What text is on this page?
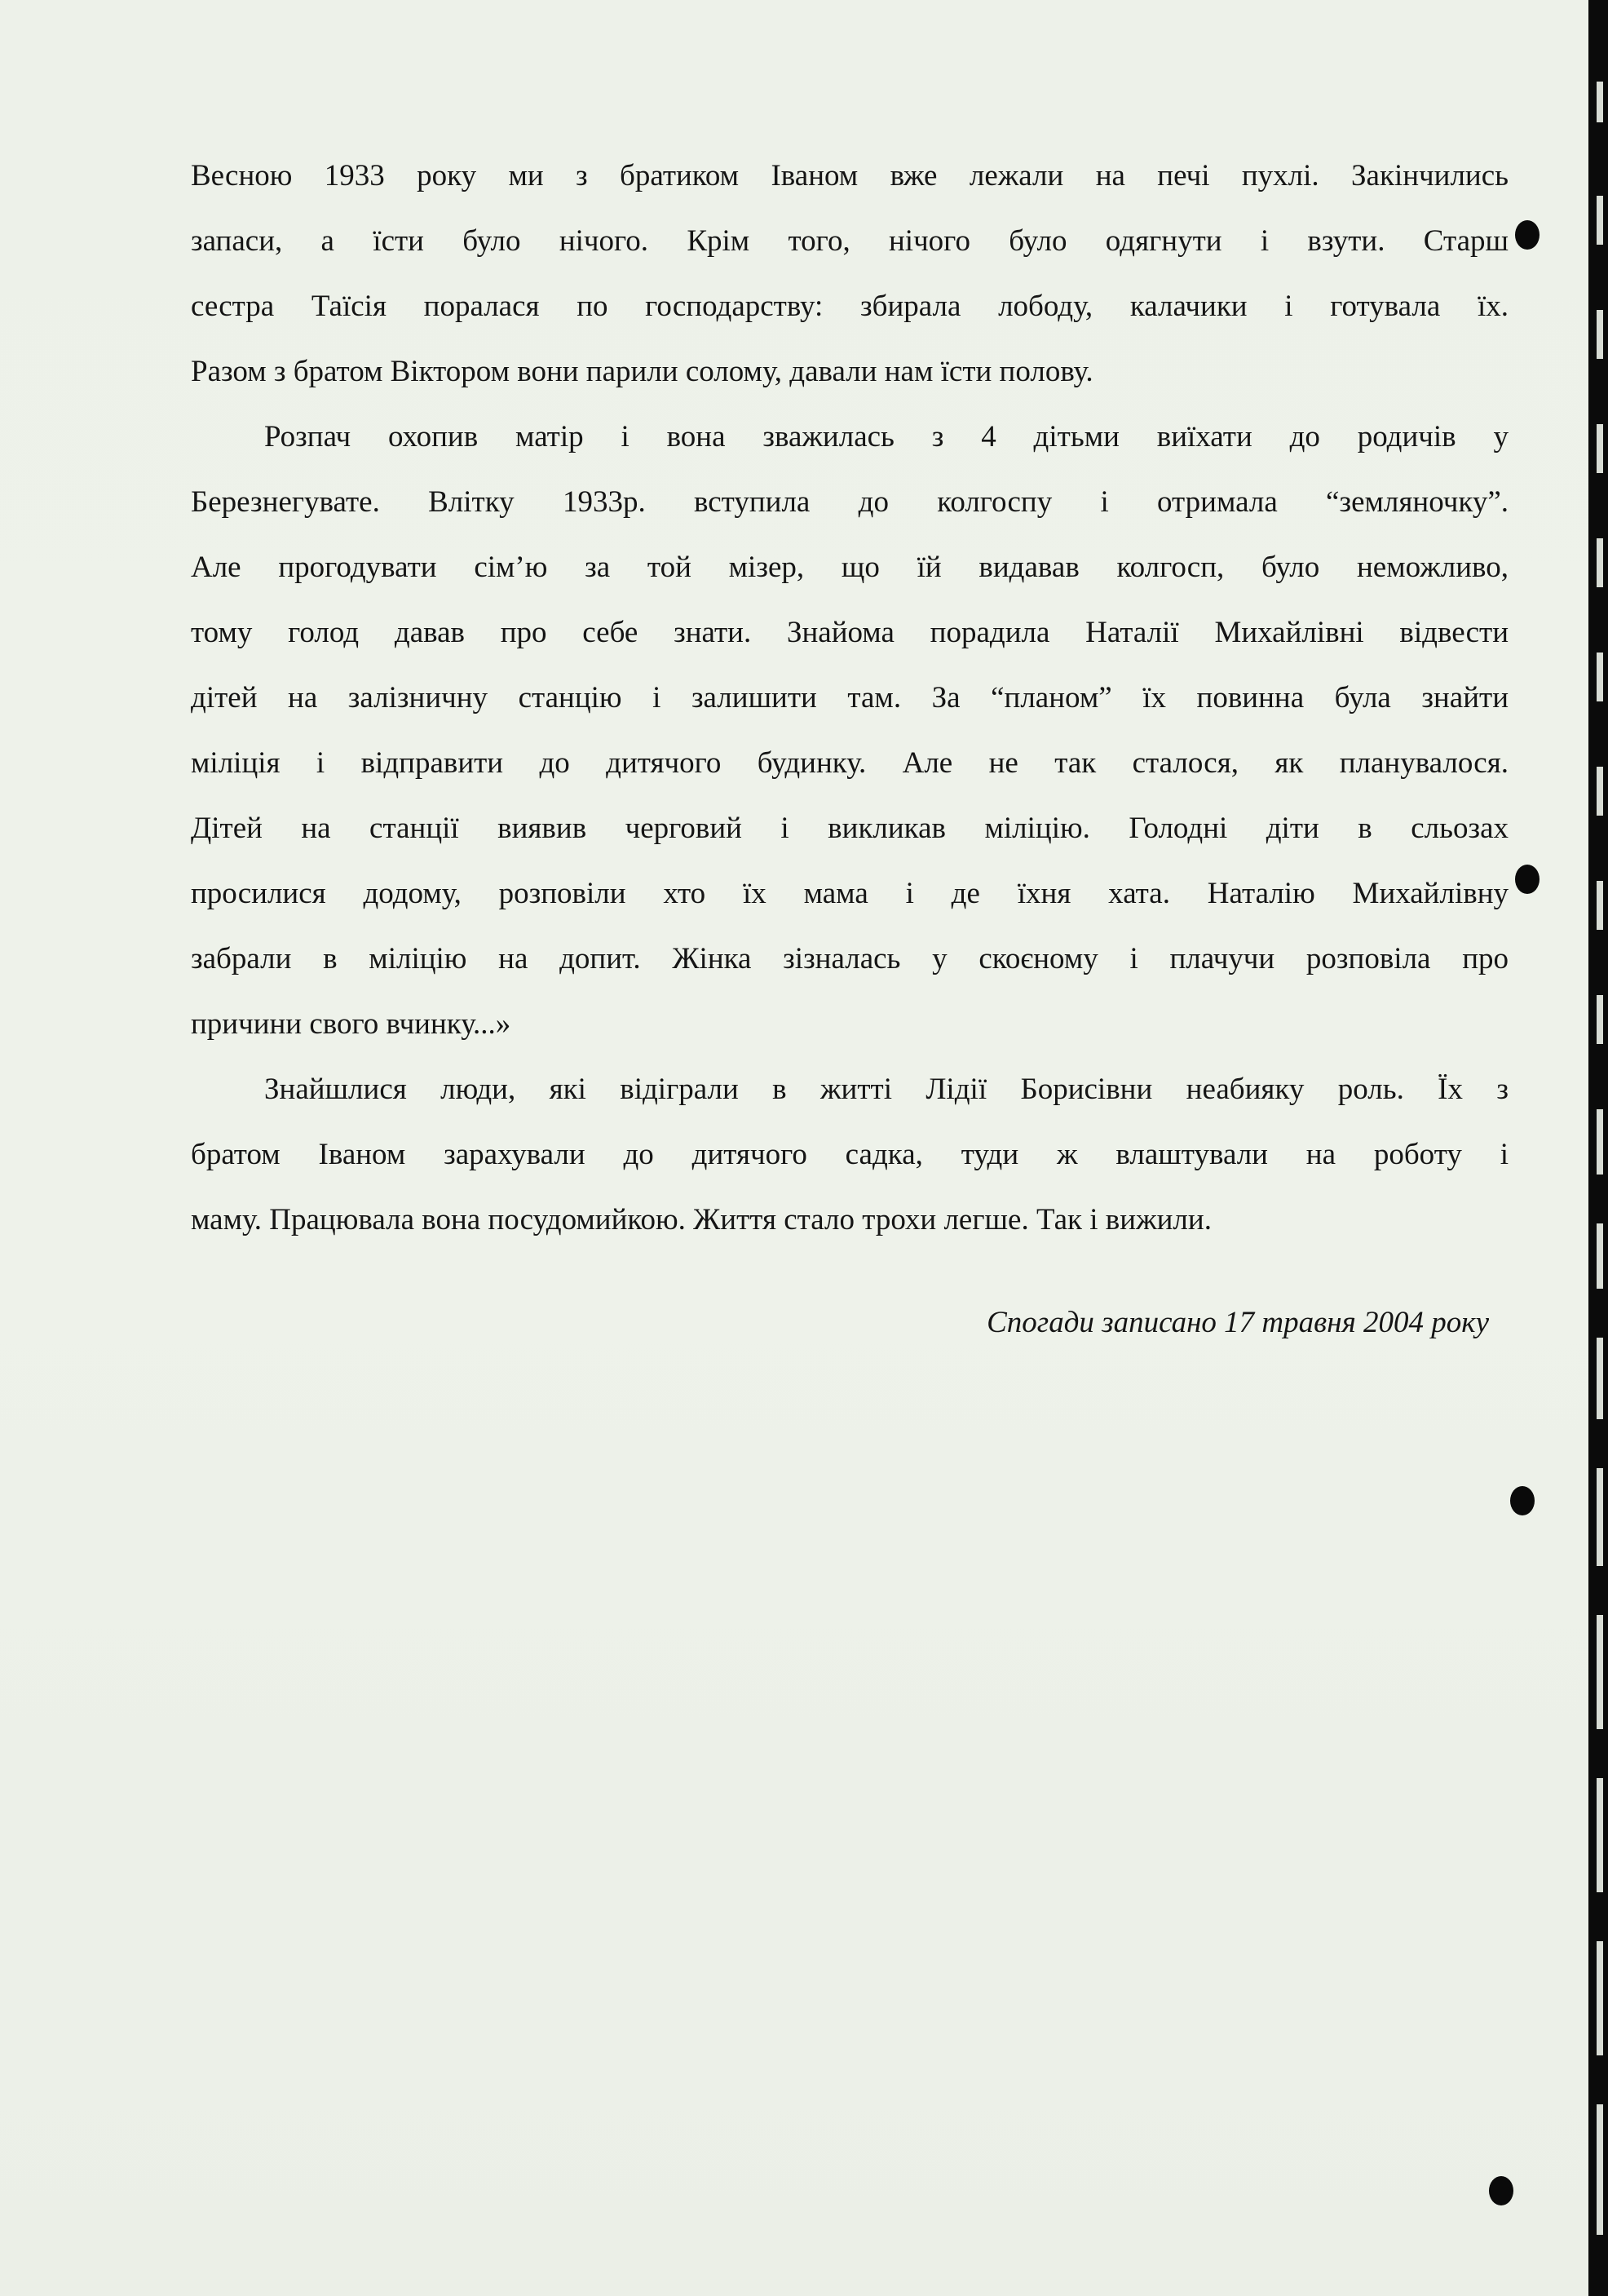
Весною 1933 року ми з братиком Іваном вже лежали на печі пухлі. Закінчились
запаси, а їсти було нічого. Крім того, нічого було одягнути і взути. Старш
сестра Таїсія поралася по господарству: збирала лободу, калачики і готувала їх.
Разом з братом Віктором вони парили солому, давали нам їсти полову.
Розпач охопив матір і вона зважилась з 4 дітьми виїхати до родичів у
Березнегувате. Влітку 1933р. вступила до колгоспу і отримала “земляночку”.
Але прогодувати сім’ю за той мізер, що їй видавав колгосп, було неможливо,
тому голод давав про себе знати. Знайома порадила Наталії Михайлівні відвести
дітей на залізничну станцію і залишити там. За “планом” їх повинна була знайти
міліція і відправити до дитячого будинку. Але не так сталося, як планувалося.
Дітей на станції виявив черговий і викликав міліцію. Голодні діти в сльозах
просилися додому, розповіли хто їх мама і де їхня хата. Наталію Михайлівну
забрали в міліцію на допит. Жінка зізналась у скоєному і плачучи розповіла про
причини свого вчинку...»
Знайшлися люди, які відіграли в житті Лідії Борисівни неабияку роль. Їх з
братом Іваном зарахували до дитячого садка, туди ж влаштували на роботу і
маму. Працювала вона посудомийкою. Життя стало трохи легше. Так і вижили.
Спогади записано 17 травня 2004 року
